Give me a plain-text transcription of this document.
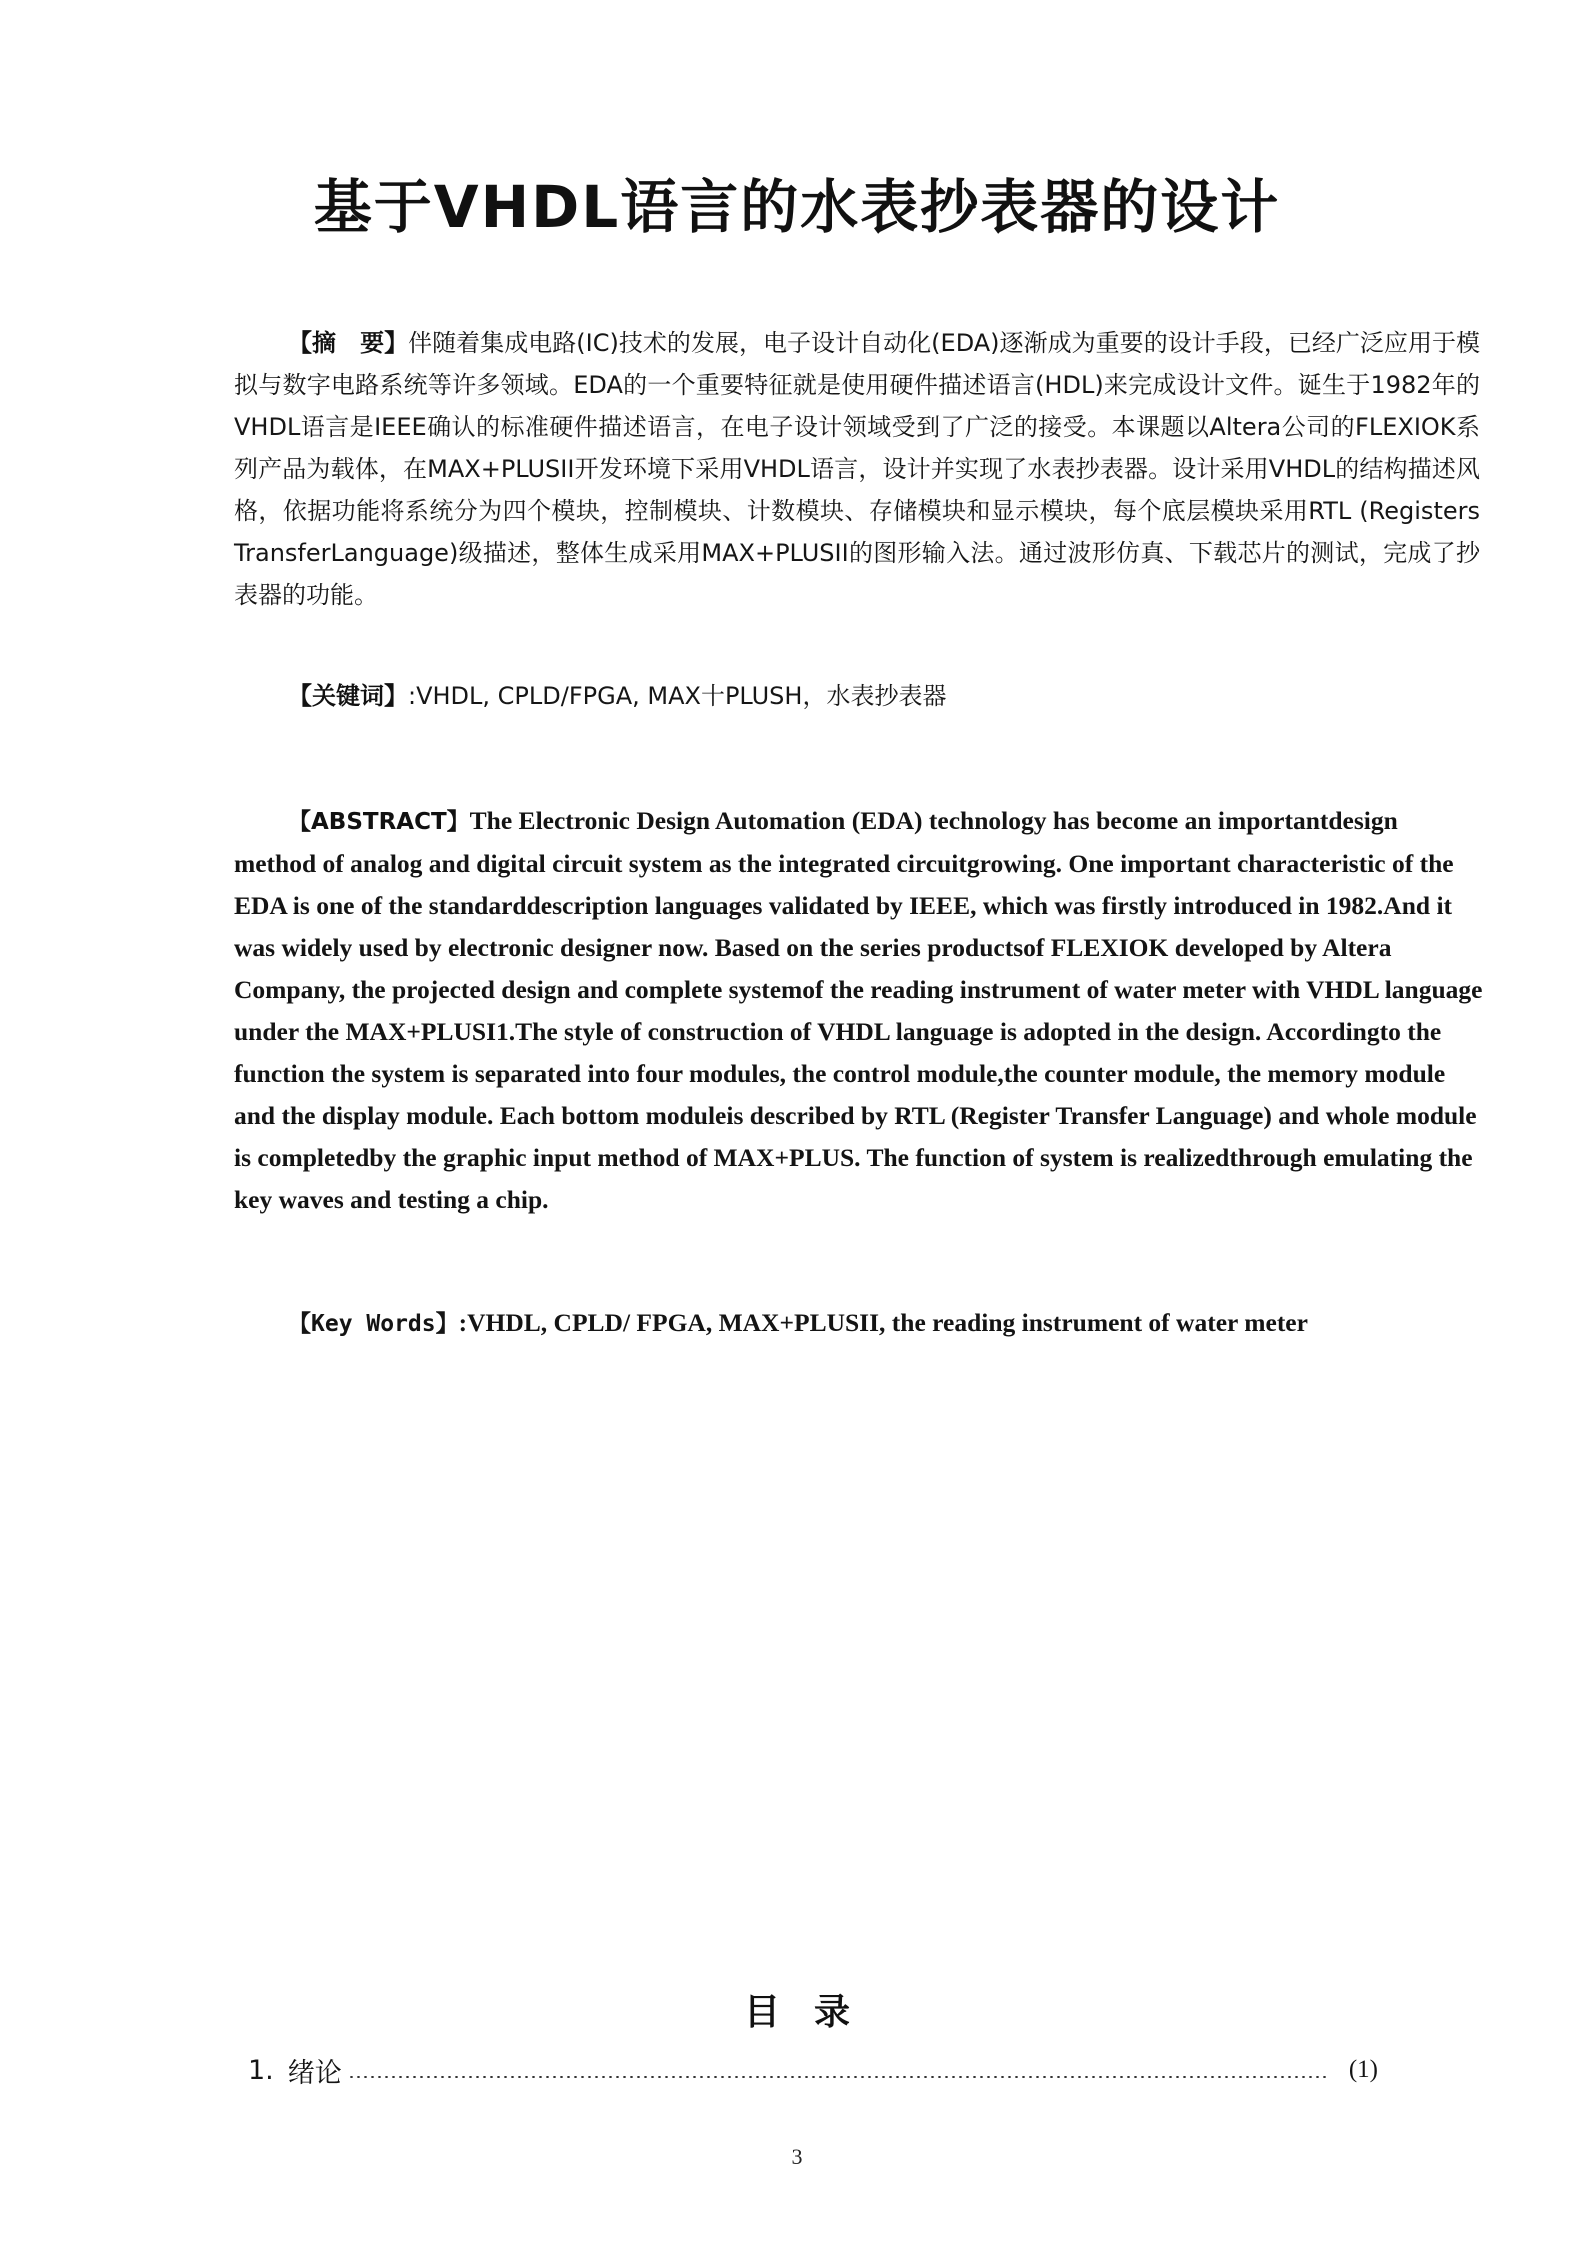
基于VHDL语言的水表抄表器的设计
【摘　要】伴随着集成电路(IC)技术的发展，电子设计自动化(EDA)逐渐成为重要的设计手段，已经广泛应用于模拟与数字电路系统等许多领域。EDA的一个重要特征就是使用硬件描述语言(HDL)来完成设计文件。诞生于1982年的VHDL语言是IEEE确认的标准硬件描述语言，在电子设计领域受到了广泛的接受。本课题以Altera公司的FLEXIOK系列产品为载体，在MAX+PLUSII开发环境下采用VHDL语言，设计并实现了水表抄表器。设计采用VHDL的结构描述风格，依据功能将系统分为四个模块，控制模块、计数模块、存储模块和显示模块，每个底层模块采用RTL (Registers TransferLanguage)级描述，整体生成采用MAX+PLUSII的图形输入法。通过波形仿真、下载芯片的测试，完成了抄表器的功能。
【关键词】:VHDL, CPLD/FPGA, MAX十PLUSH，水表抄表器
【ABSTRACT】The Electronic Design Automation (EDA) technology has become an importantdesign method of analog and digital circuit system as the integrated circuitgrowing. One important characteristic of the EDA is one of the standarddescription languages validated by IEEE, which was firstly introduced in 1982.And it was widely used by electronic designer now. Based on the series productsof FLEXIOK developed by Altera Company, the projected design and complete systemof the reading instrument of water meter with VHDL language under the MAX+PLUSI1.The style of construction of VHDL language is adopted in the design. Accordingto the function the system is separated into four modules, the control module,the counter module, the memory module and the display module. Each bottom moduleis described by RTL (Register Transfer Language) and whole module is completedby the graphic input method of MAX+PLUS. The function of system is realizedthrough emulating the key waves and testing a chip.
【Key Words】:VHDL, CPLD/ FPGA, MAX+PLUSII, the reading instrument of water meter
目录
1. 绪论	(1)
3
